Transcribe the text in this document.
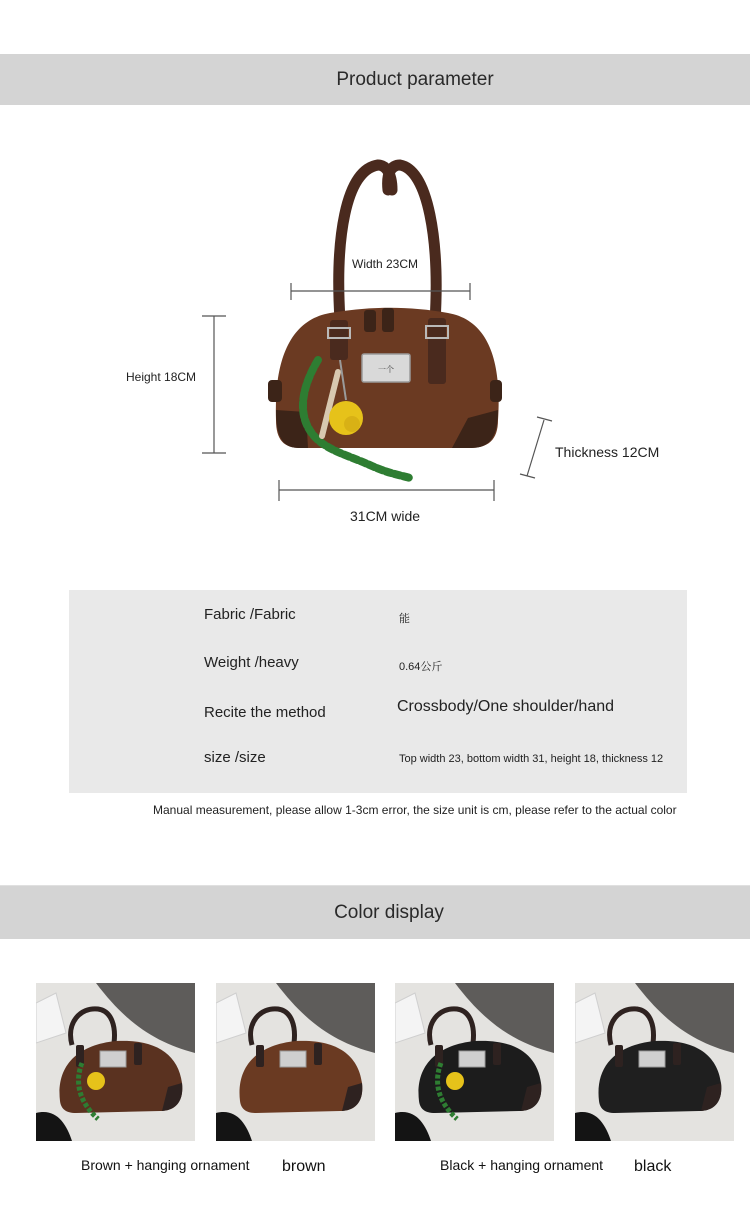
Product parameter
一个
Width 23CM
Height 18CM
Thickness 12CM
31CM wide
Fabric /Fabric	能
Weight /heavy	0.64公斤
Recite the method	Crossbody/One shoulder/hand
size /size	Top width 23, bottom width 31, height 18, thickness 12
Manual measurement, please allow 1-3cm error, the size unit is cm, please refer to the actual color
Color display
Brown + hanging ornament brown	Black + hanging ornament black
